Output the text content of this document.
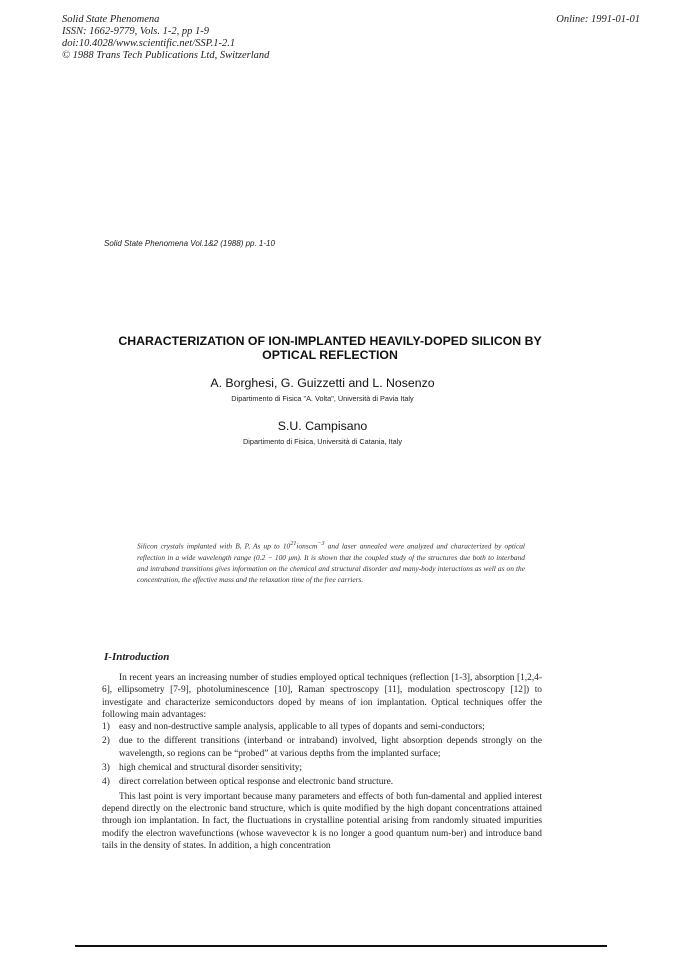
Solid State Phenomena
ISSN: 1662-9779, Vols. 1-2, pp 1-9
doi:10.4028/www.scientific.net/SSP.1-2.1
© 1988 Trans Tech Publications Ltd, Switzerland
Online: 1991-01-01
Solid State Phenomena Vol.1&2 (1988) pp. 1-10
CHARACTERIZATION OF ION-IMPLANTED HEAVILY-DOPED SILICON BY
OPTICAL REFLECTION
A. Borghesi, G. Guizzetti and L. Nosenzo
Dipartimento di Fisica "A. Volta", Università di Pavia Italy
S.U. Campisano
Dipartimento di Fisica, Università di Catania, Italy
Silicon crystals implanted with B, P, As up to $10^{21}ionscm^{-3}$ and laser annealed were analyzed and characterized by optical reflection in a wide wavelength range (0.2 − 100 μm). It is shown that the coupled study of the structures due both to interband and intraband transitions gives information on the chemical and structural disorder and many-body interactions as well as on the concentration, the effective mass and the relaxation time of the free carriers.
I-Introduction

In recent years an increasing number of studies employed optical techniques (reflection [1-3], absorption [1,2,4-6], ellipsometry [7-9], photoluminescence [10], Raman spectroscopy [11], modulation spectroscopy [12]) to investigate and characterize semiconductors doped by means of ion implantation. Optical techniques offer the following main advantages:

1) easy and non-destructive sample analysis, applicable to all types of dopants and semi-conductors;
2) due to the different transitions (interband or intraband) involved, light absorption depends strongly on the wavelength, so regions can be “probed” at various depths from the implanted surface;
3) high chemical and structural disorder sensitivity;
4) direct correlation between optical response and electronic band structure.

This last point is very important because many parameters and effects of both fun-damental and applied interest depend directly on the electronic band structure, which is quite modified by the high dopant concentrations attained through ion implantation. In fact, the fluctuations in crystalline potential arising from randomly situated impurities modify the electron wavefunctions (whose wavevector k is no longer a good quantum num-ber) and introduce band tails in the density of states. In addition, a high concentration
